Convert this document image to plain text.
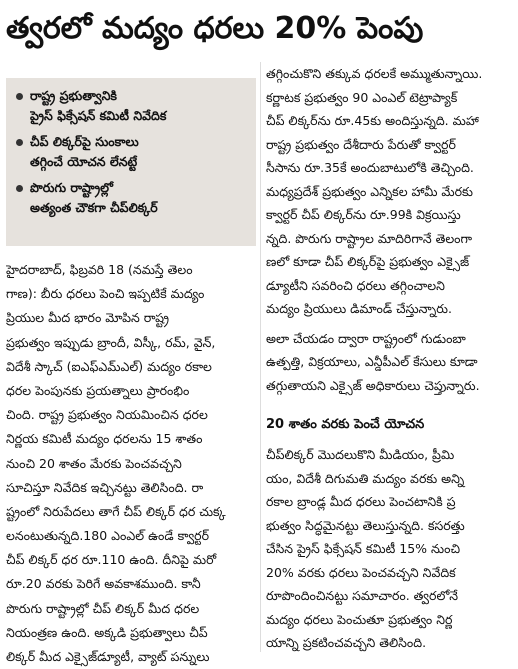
త్వరలో మద్యం ధరలు 20% పెంపు
రాష్ట్ర ప్రభుత్వానికి
ప్రైస్ ఫిక్సేషన్ కమిటీ నివేదిక
చీప్ లిక్కర్‌పై సుంకాలు
తగ్గించే యోచన లేనట్టే
పొరుగు రాష్ట్రాల్లో
అత్యంత చౌకగా చీప్‌లిక్కర్
హైదరాబాద్, ఫిబ్రవరి 18 (నమస్తే తెలం
గాణ): బీరు ధరలు పెంచి ఇప్పటికే మద్యం
ప్రియుల మీద భారం మోపిన రాష్ట్ర
ప్రభుత్వం ఇప్పుడు బ్రాందీ, విస్కీ, రమ్, వైన్,
విదేశీ స్కాచ్ (ఐఎఫ్‌ఎమ్‌ఎల్) మద్యం రకాల
ధరల పెంపునకు ప్రయత్నాలు ప్రారంభిం
చింది. రాష్ట్ర ప్రభుత్వం నియమించిన ధరల
నిర్ణయ కమిటీ మద్యం ధరలను 15 శాతం
నుంచి 20 శాతం మేరకు పెంచవచ్చని
సూచిస్తూ నివేదిక ఇచ్చినట్టు తెలిసింది. రా
ష్ట్రంలో నిరుపేదలు తాగే చీప్ లిక్కర్ ధర చుక్క
లనంటుతున్నది.180 ఎంఎల్ ఉండే క్వార్టర్
చీప్ లిక్కర్ ధర రూ.110 ఉంది. దీనిపై మరో
రూ.20 వరకు పెరిగే అవకాశముంది. కానీ
పొరుగు రాష్ట్రాల్లో చీప్ లిక్కర్ మీద ధరల
నియంత్రణ ఉంది. అక్కడి ప్రభుత్వాలు చీప్
లిక్కర్ మీద ఎక్సైజ్‌డ్యూటీ, వ్యాట్ పన్నులు
తగ్గించుకొని తక్కువ ధరలకే అమ్ముతున్నాయి.
కర్ణాటక ప్రభుత్వం 90 ఎంఎల్ టెట్రాప్యాక్
చీప్ లిక్కర్‌ను రూ.45కు అందిస్తున్నది. మహా
రాష్ట్ర ప్రభుత్వం దేశీదారు పేరుతో క్వార్టర్
సీసాను రూ.35కే అందుబాటులోకి తెచ్చింది.
మధ్యప్రదేశ్ ప్రభుత్వం ఎన్నికల హామీ మేరకు
క్వార్టర్ చీప్ లిక్కర్‌ను రూ.99కి విక్రయిస్తు
న్నది. పొరుగు రాష్ట్రాల మాదిరిగానే తెలంగా
ణలో కూడా చీప్ లిక్కర్‌పై ప్రభుత్వం ఎక్సైజ్
డ్యూటీని సవరించి ధరలు తగ్గించాలని
మద్యం ప్రియులు డిమాండ్ చేస్తున్నారు.
అలా చేయడం ద్వారా రాష్ట్రంలో గుడుంబా
ఉత్పత్తి, విక్రయాలు, ఎన్డీపీఎల్ కేసులు కూడా
తగ్గుతాయని ఎక్సైజ్ అధికారులు చెప్తున్నారు.
20 శాతం వరకు పెంచే యోచన
చీప్‌లిక్కర్ మొదలుకొని మీడియం, ప్రీమి
యం, విదేశీ దిగుమతి మద్యం వరకు అన్ని
రకాల బ్రాండ్ల మీద ధరలు పెంచటానికి ప్ర
భుత్వం సిద్ధమైనట్టు తెలుస్తున్నది. కసరత్తు
చేసిన ప్రైస్ ఫిక్సేషన్ కమిటీ 15% నుంచి
20% వరకు ధరలు పెంచవచ్చని నివేదిక
రూపొందించినట్టు సమాచారం. త్వరలోనే
మద్యం ధరలు పెంచుతూ ప్రభుత్వం నిర్ణ
యాన్ని ప్రకటించవచ్చని తెలిసింది.
